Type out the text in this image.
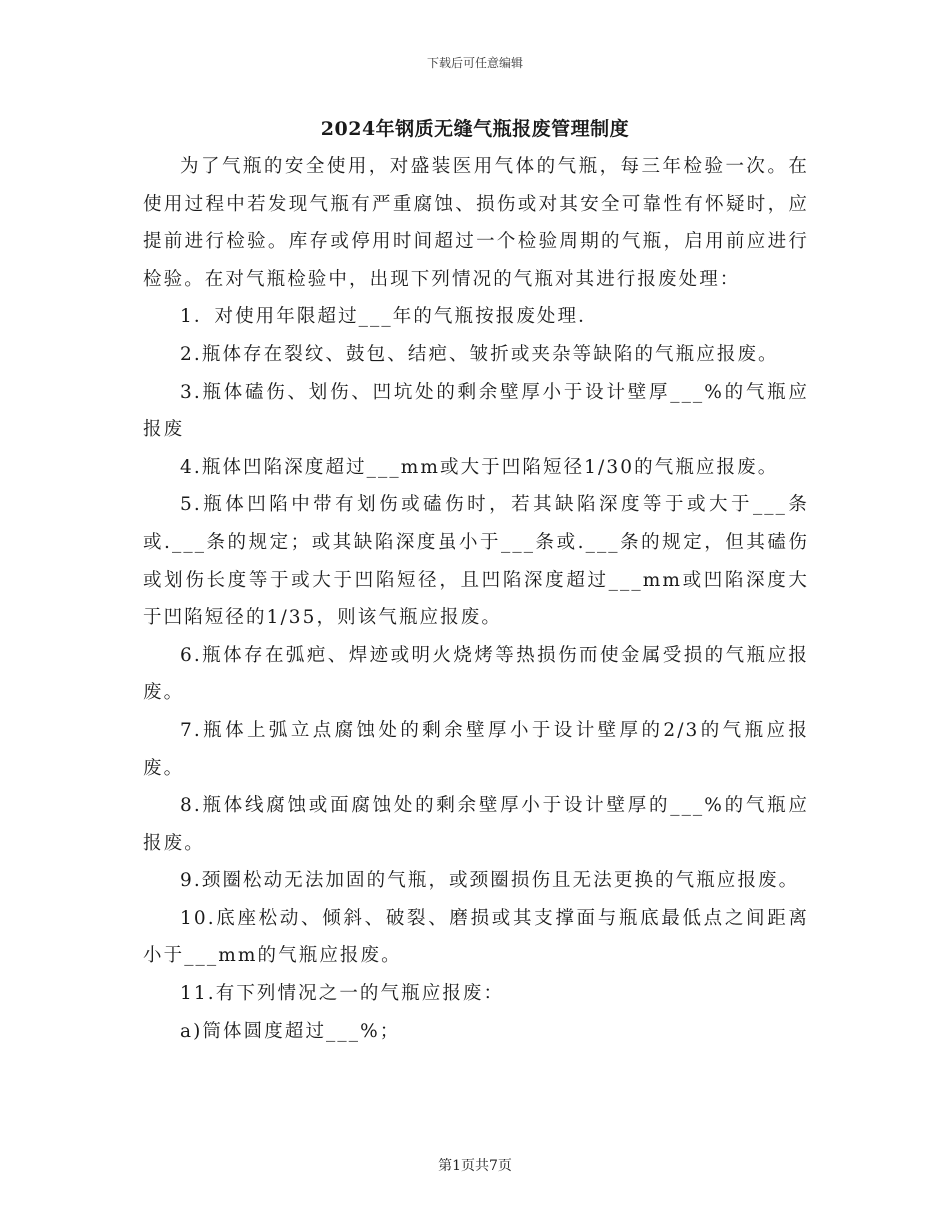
下载后可任意编辑
2024年钢质无缝气瓶报废管理制度

为了气瓶的安全使用，对盛装医用气体的气瓶，每三年检验一次。在使用过程中若发现气瓶有严重腐蚀、损伤或对其安全可靠性有怀疑时，应提前进行检验。库存或停用时间超过一个检验周期的气瓶，启用前应进行检验。在对气瓶检验中，出现下列情况的气瓶对其进行报废处理：

1．对使用年限超过___年的气瓶按报废处理．

2.瓶体存在裂纹、鼓包、结疤、皱折或夹杂等缺陷的气瓶应报废。

3.瓶体磕伤、划伤、凹坑处的剩余壁厚小于设计壁厚___%的气瓶应报废

4.瓶体凹陷深度超过___mm或大于凹陷短径1/30的气瓶应报废。

5.瓶体凹陷中带有划伤或磕伤时，若其缺陷深度等于或大于___条或.___条的规定；或其缺陷深度虽小于___条或.___条的规定，但其磕伤或划伤长度等于或大于凹陷短径，且凹陷深度超过___mm或凹陷深度大于凹陷短径的1/35，则该气瓶应报废。

6.瓶体存在弧疤、焊迹或明火烧烤等热损伤而使金属受损的气瓶应报废。

7.瓶体上弧立点腐蚀处的剩余壁厚小于设计壁厚的2/3的气瓶应报废。

8.瓶体线腐蚀或面腐蚀处的剩余壁厚小于设计壁厚的___%的气瓶应报废。

9.颈圈松动无法加固的气瓶，或颈圈损伤且无法更换的气瓶应报废。

10.底座松动、倾斜、破裂、磨损或其支撑面与瓶底最低点之间距离小于___mm的气瓶应报废。

11.有下列情况之一的气瓶应报废：

a)筒体圆度超过___%；

第1页共7页
